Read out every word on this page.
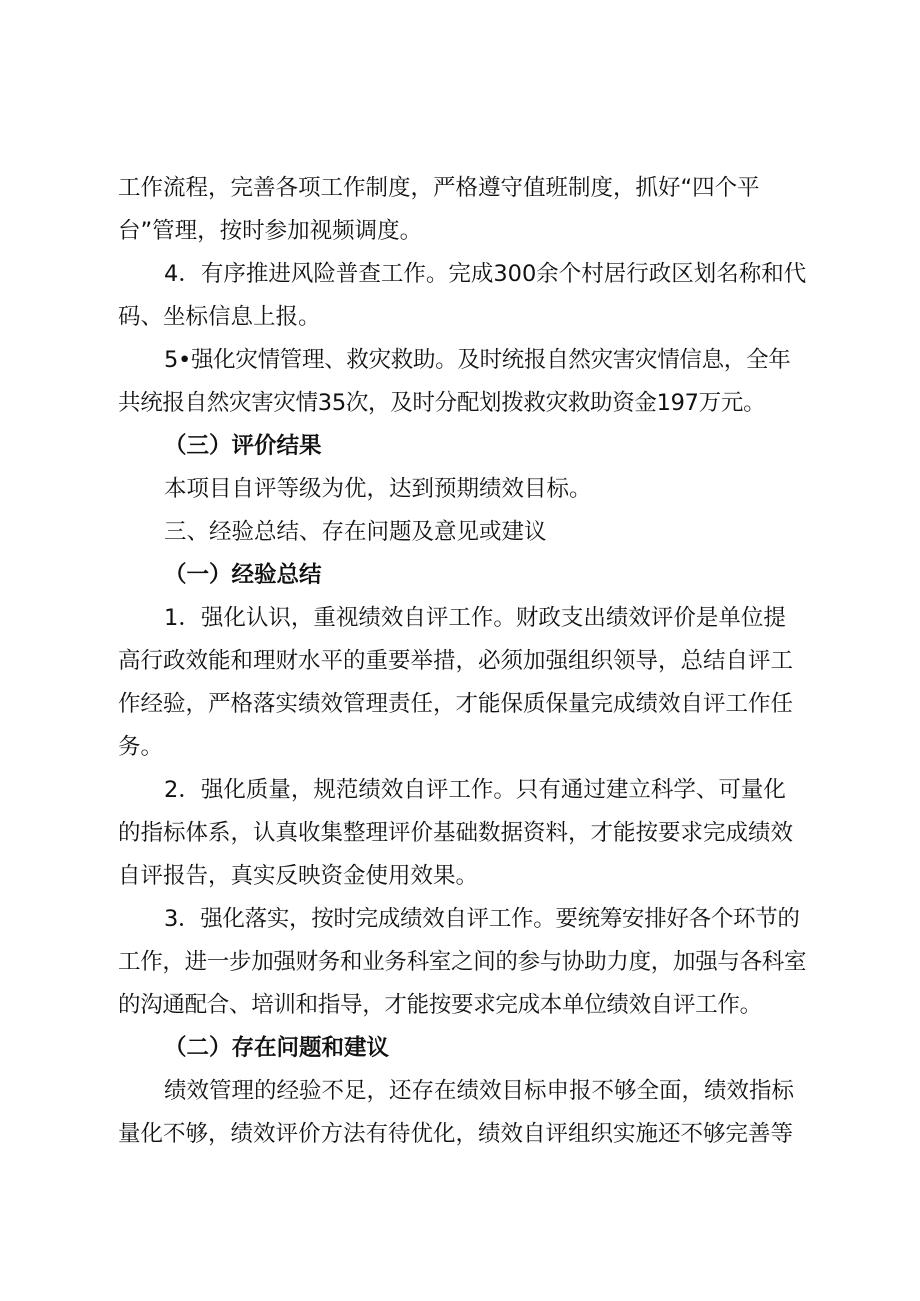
工作流程，完善各项工作制度，严格遵守值班制度，抓好“四个平台”管理，按时参加视频调度。

4．有序推进风险普查工作。完成300余个村居行政区划名称和代码、坐标信息上报。

5•强化灾情管理、救灾救助。及时统报自然灾害灾情信息，全年共统报自然灾害灾情35次，及时分配划拨救灾救助资金197万元。

（三）评价结果

本项目自评等级为优，达到预期绩效目标。

三、经验总结、存在问题及意见或建议

（一）经验总结

1．强化认识，重视绩效自评工作。财政支出绩效评价是单位提高行政效能和理财水平的重要举措，必须加强组织领导，总结自评工作经验，严格落实绩效管理责任，才能保质保量完成绩效自评工作任务。

2．强化质量，规范绩效自评工作。只有通过建立科学、可量化的指标体系，认真收集整理评价基础数据资料，才能按要求完成绩效自评报告，真实反映资金使用效果。

3．强化落实，按时完成绩效自评工作。要统筹安排好各个环节的工作，进一步加强财务和业务科室之间的参与协助力度，加强与各科室的沟通配合、培训和指导，才能按要求完成本单位绩效自评工作。

（二）存在问题和建议

绩效管理的经验不足，还存在绩效目标申报不够全面，绩效指标量化不够，绩效评价方法有待优化，绩效自评组织实施还不够完善等
